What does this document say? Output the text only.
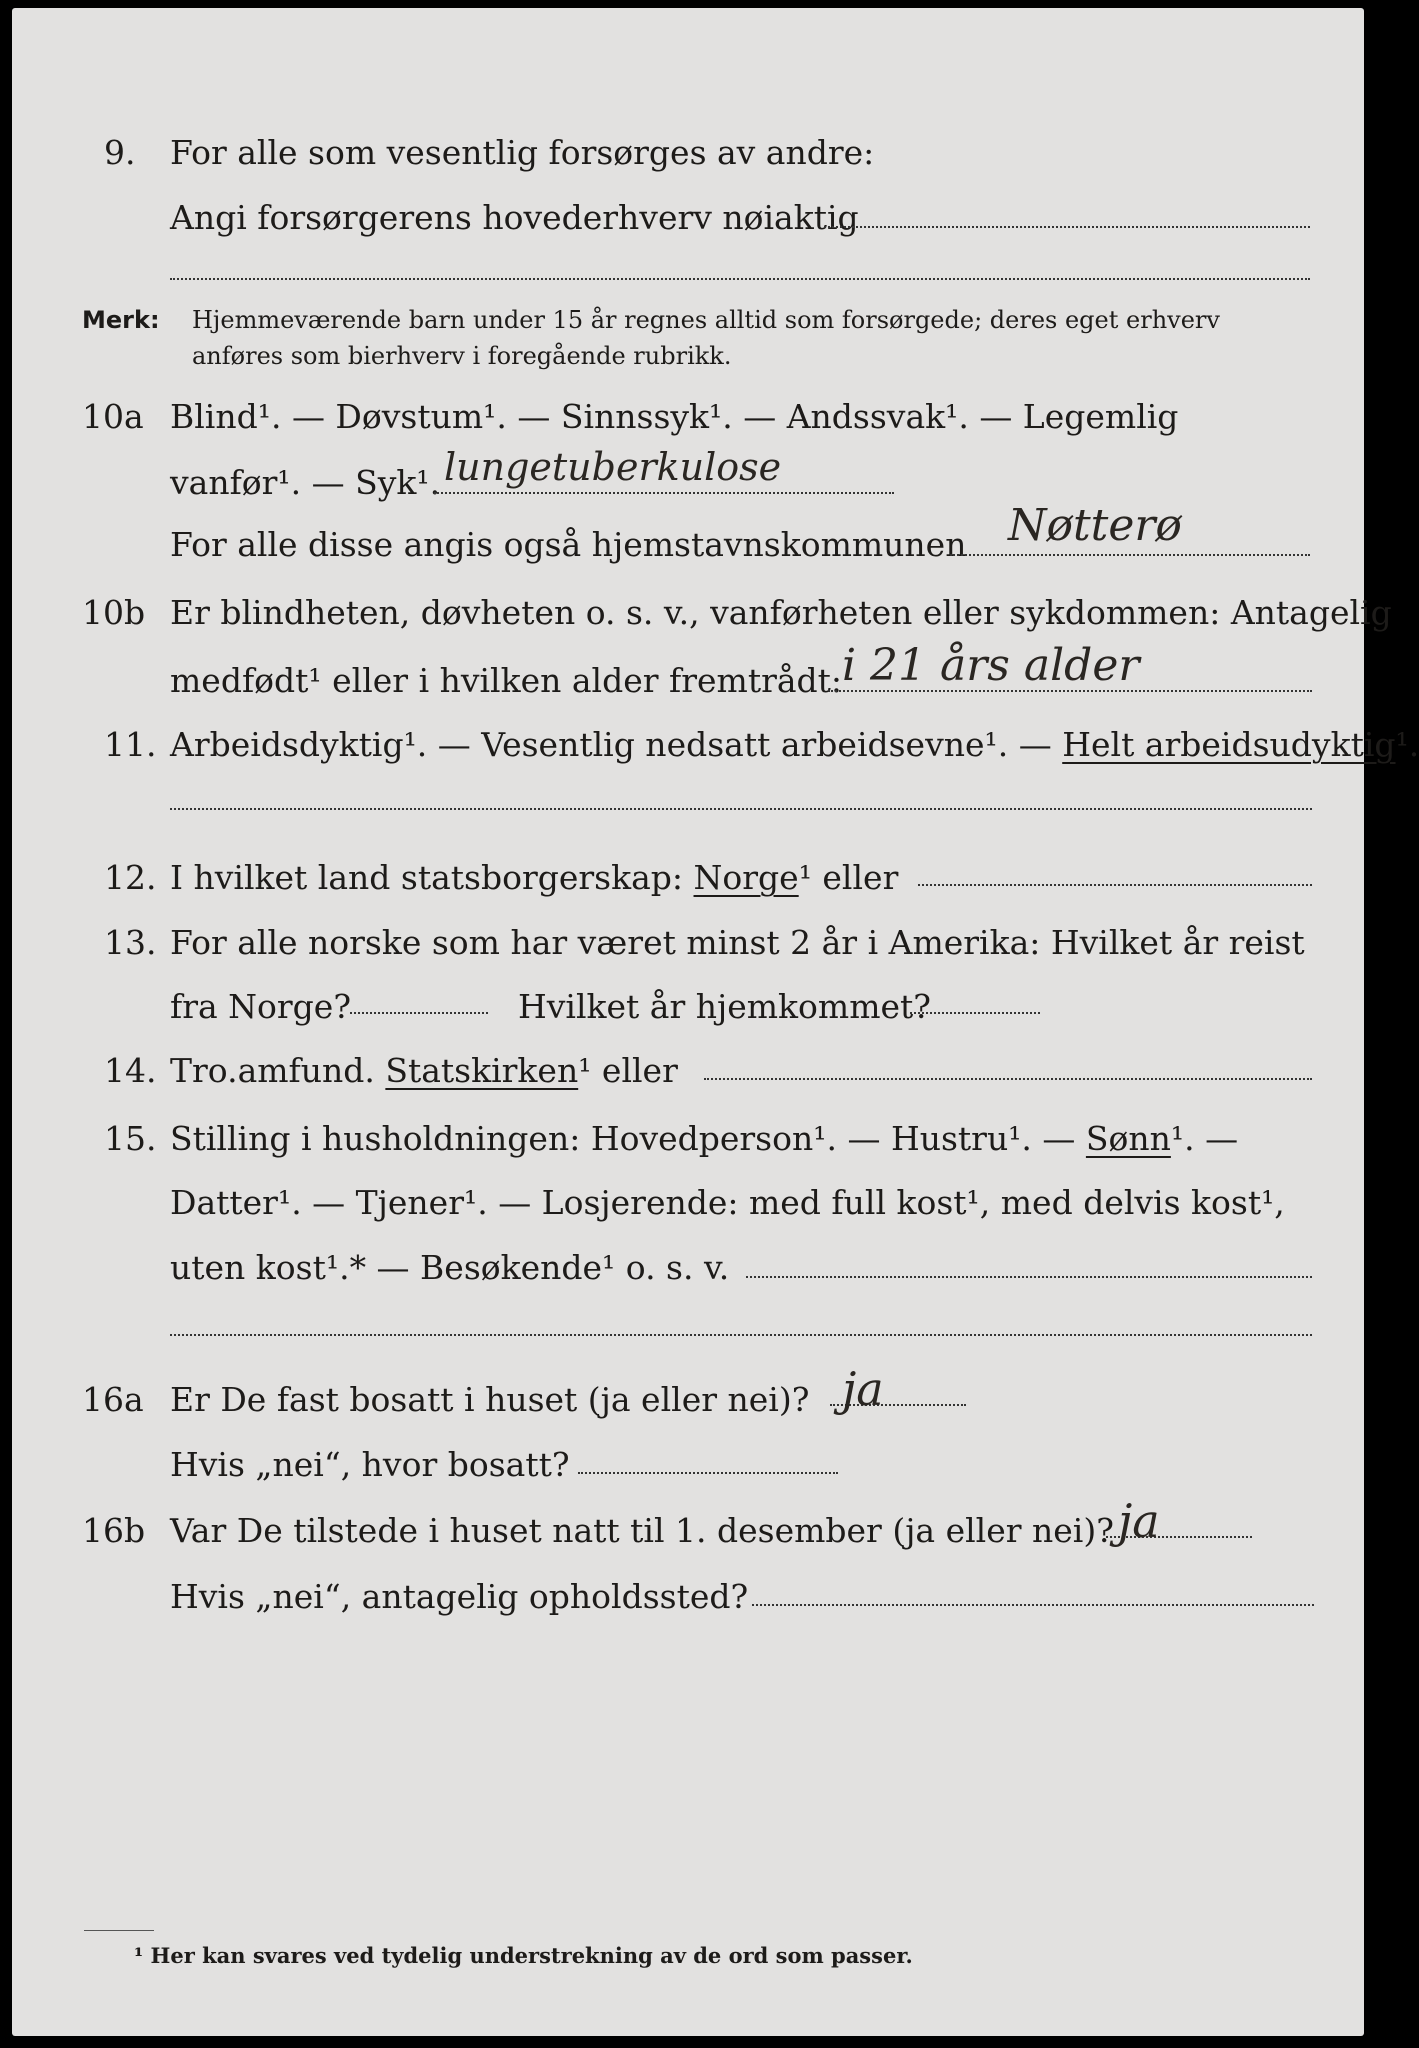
9. For alle som vesentlig forsørges av andre:
Angi forsørgerens hovederhverv nøiaktig
Merk: Hjemmeværende barn under 15 år regnes alltid som forsørgede; deres eget erhverv
anføres som bierhverv i foregående rubrikk.
10a Blind¹. — Døvstum¹. — Sinnssyk¹. — Andssvak¹. — Legemlig
vanfør¹. — Syk¹. lungetuberkulose
For alle disse angis også hjemstavnskommunen Nøtterø
10b Er blindheten, døvheten o. s. v., vanførheten eller sykdommen: Antagelig
medfødt¹ eller i hvilken alder fremtrådt: i 21 års alder
11. Arbeidsdyktig¹. — Vesentlig nedsatt arbeidsevne¹. — Helt arbeidsudyktig¹.
12. I hvilket land statsborgerskap: Norge¹ eller
13. For alle norske som har været minst 2 år i Amerika: Hvilket år reist
fra Norge?	Hvilket år hjemkommet?
14. Tro.amfund. Statskirken¹ eller
15. Stilling i husholdningen: Hovedperson¹. — Hustru¹. — Sønn¹. —
Datter¹. — Tjener¹. — Losjerende: med full kost¹, med delvis kost¹,
uten kost¹.* — Besøkende¹ o. s. v.
16a Er De fast bosatt i huset (ja eller nei)? ja
Hvis „nei“, hvor bosatt?
16b Var De tilstede i huset natt til 1. desember (ja eller nei)? ja
Hvis „nei“, antagelig opholdssted?
¹ Her kan svares ved tydelig understrekning av de ord som passer.
